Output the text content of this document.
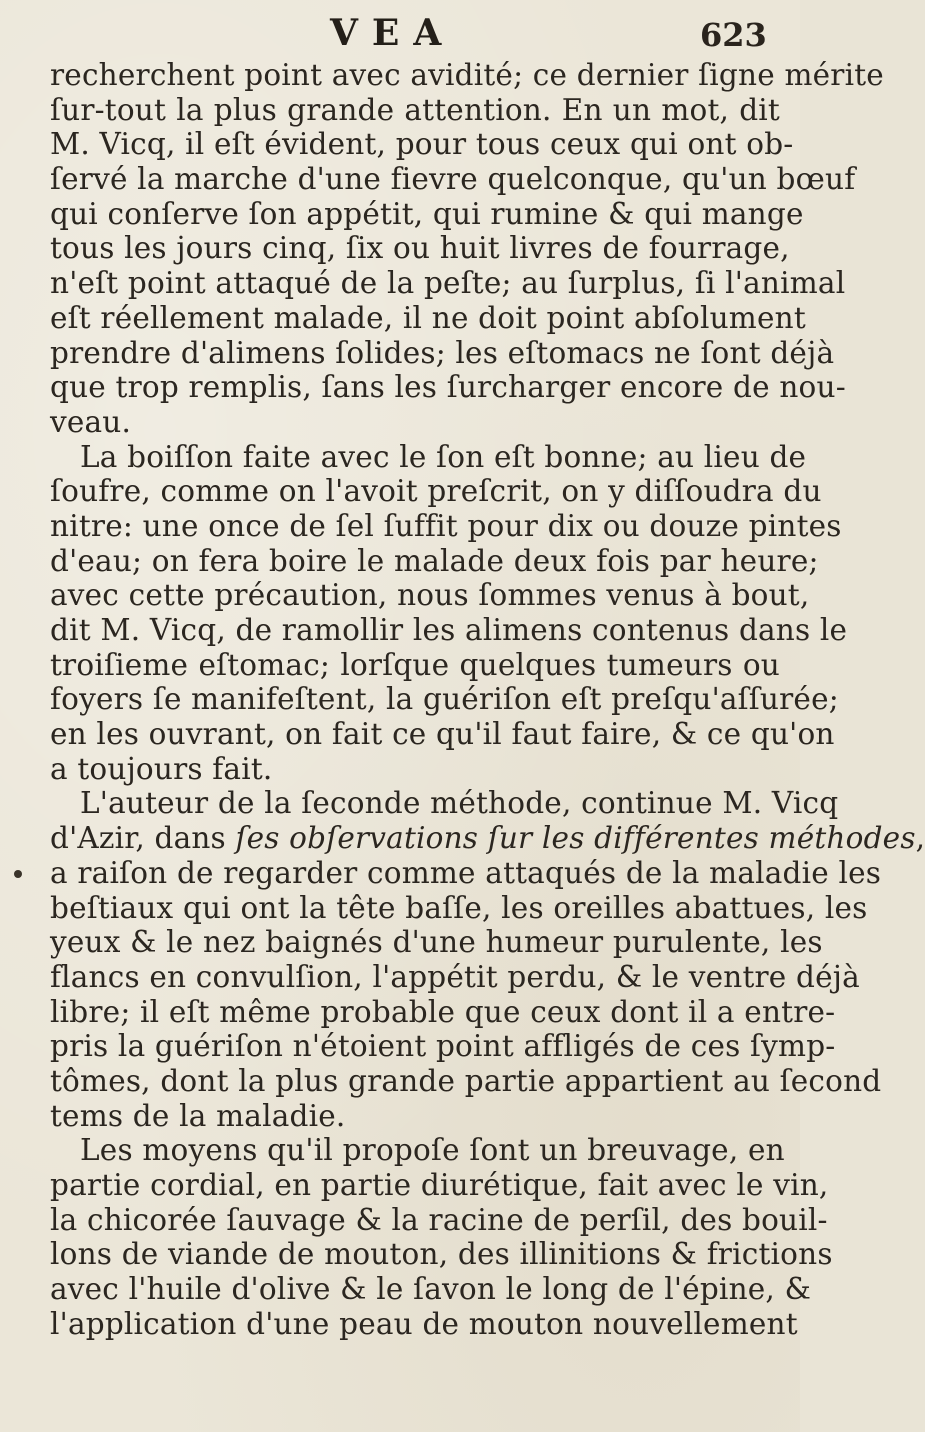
VEA	623
recherchent point avec avidité; ce dernier ſigne mérite
ſur-tout la plus grande attention. En un mot, dit
M. Vicq, il eſt évident, pour tous ceux qui ont ob-
ſervé la marche d'une fievre quelconque, qu'un bœuf
qui conſerve ſon appétit, qui rumine & qui mange
tous les jours cinq, ſix ou huit livres de fourrage,
n'eſt point attaqué de la peſte; au ſurplus, ſi l'animal
eſt réellement malade, il ne doit point abſolument
prendre d'alimens ſolides; les eſtomacs ne ſont déjà
que trop remplis, ſans les ſurcharger encore de nou-
veau.
La boiſſon faite avec le ſon eſt bonne; au lieu de
ſoufre, comme on l'avoit preſcrit, on y diſſoudra du
nitre: une once de ſel ſuffit pour dix ou douze pintes
d'eau; on fera boire le malade deux fois par heure;
avec cette précaution, nous ſommes venus à bout,
dit M. Vicq, de ramollir les alimens contenus dans le
troiſieme eſtomac; lorſque quelques tumeurs ou
foyers ſe manifeſtent, la guériſon eſt preſqu'aſſurée;
en les ouvrant, on fait ce qu'il faut faire, & ce qu'on
a toujours fait.
L'auteur de la ſeconde méthode, continue M. Vicq
d'Azir, dans ſes obſervations ſur les différentes méthodes,
a raiſon de regarder comme attaqués de la maladie les
beſtiaux qui ont la tête baſſe, les oreilles abattues, les
yeux & le nez baignés d'une humeur purulente, les
flancs en convulſion, l'appétit perdu, & le ventre déjà
libre; il eſt même probable que ceux dont il a entre-
pris la guériſon n'étoient point affligés de ces ſymp-
tômes, dont la plus grande partie appartient au ſecond
tems de la maladie.
Les moyens qu'il propoſe ſont un breuvage, en
partie cordial, en partie diurétique, fait avec le vin,
la chicorée ſauvage & la racine de perſil, des bouil-
lons de viande de mouton, des illinitions & frictions
avec l'huile d'olive & le ſavon le long de l'épine, &
l'application d'une peau de mouton nouvellement
